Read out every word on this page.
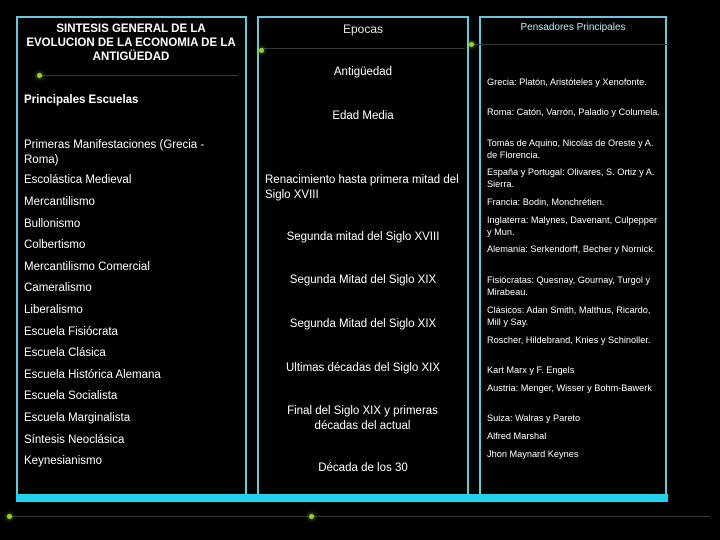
SINTESIS GENERAL DE LA EVOLUCION DE LA ECONOMIA DE LA ANTIGÜEDAD
Principales Escuelas
Primeras Manifestaciones (Grecia - Roma)
Escolástica Medieval
Mercantilismo
Bullonismo
Colbertismo
Mercantilismo Comercial
Cameralismo
Liberalismo
Escuela Fisiócrata
Escuela Clásica
Escuela Histórica Alemana
Escuela Socialista
Escuela Marginalista
Síntesis Neoclásica
Keynesianismo
Epocas
Antigüedad
Edad Media
Renacimiento hasta primera mitad del Siglo XVIII
Segunda mitad del Siglo XVIII
Segunda Mitad del Siglo XIX
Segunda Mitad del Siglo XIX
Ultimas décadas del Siglo XIX
Final del Siglo XIX y primeras décadas del actual
Década de los 30
Pensadores Principales
Grecia: Platón, Aristóteles y Xenofonte.
Roma: Catón, Varrón, Paladio y Columela.
Tomás de Aquino, Nicolás de Oreste y A. de Florencia.
España y Portugal: Olivares, S. Ortiz y A. Sierra.
Francia: Bodin, Monchrétien.
Inglaterra: Malynes, Davenant, Culpepper y Mun.
Alemania: Serkendorff, Becher y Nornick.
Fisiócratas: Quesnay, Gournay, Turgol y Mirabeau.
Clásicos: Adan Smith, Malthus, Ricardo, Mill y Say.
Roscher, Hildebrand, Knies y Schinoller.
Kart Marx y F. Engels
Austria: Menger, Wisser y Bohm-Bawerk
Suiza: Walras y Pareto
Alfred Marshal
Jhon Maynard Keynes
